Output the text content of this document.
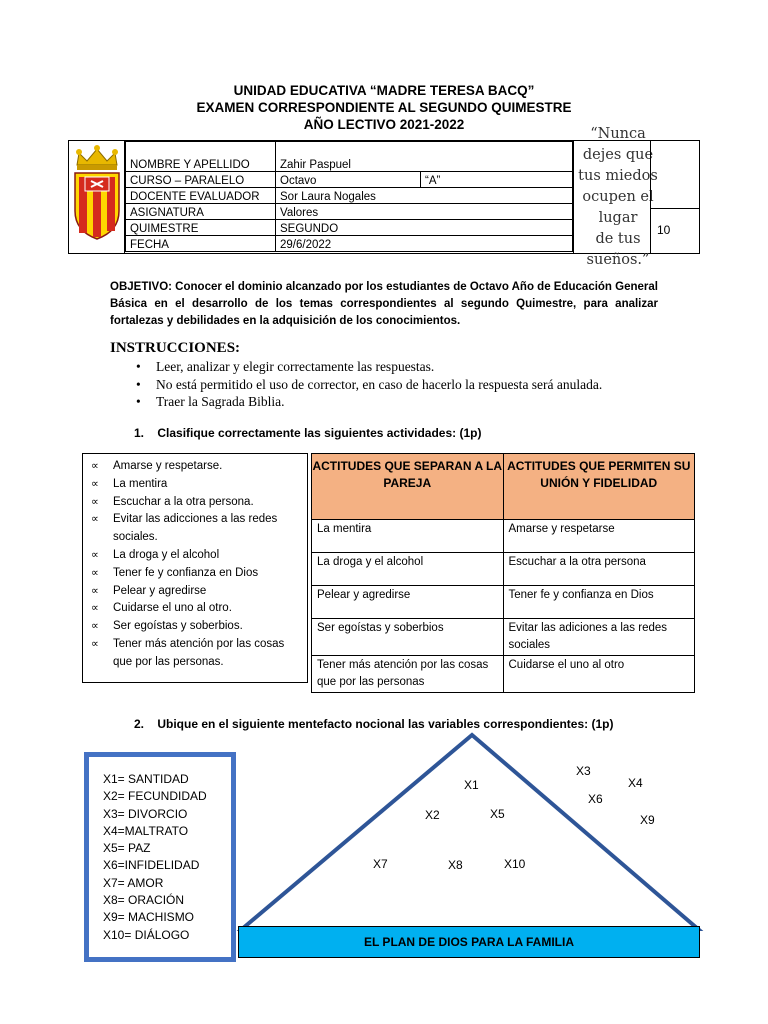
UNIDAD EDUCATIVA “MADRE TERESA BACQ”
EXAMEN CORRESPONDIENTE AL SEGUNDO QUIMESTRE
AÑO LECTIVO 2021-2022
NOMBRE Y APELLIDO	Zahir Paspuel	
CURSO – PARALELO	Octavo	“A”
DOCENTE EVALUADOR	Sor Laura Nogales	
ASIGNATURA	Valores	
QUIMESTRE	SEGUNDO	
FECHA	29/6/2022	
“Nunca dejes que
tus miedos
ocupen el lugar
de tus sueños.”
10
OBJETIVO: Conocer el dominio alcanzado por los estudiantes de Octavo Año de Educación General Básica en el desarrollo de los temas correspondientes al segundo Quimestre, para analizar fortalezas y debilidades en la adquisición de los conocimientos.
INSTRUCCIONES:
• Leer, analizar y elegir correctamente las respuestas.
• No está permitido el uso de corrector, en caso de hacerlo la respuesta será anulada.
• Traer la Sagrada Biblia.
1.    Clasifique correctamente las siguientes actividades: (1p)
∝ Amarse y respetarse.
∝ La mentira
∝ Escuchar a la otra persona.
∝ Evitar las adicciones a las redes sociales.
∝ La droga y el alcohol
∝ Tener fe y confianza en Dios
∝ Pelear y agredirse
∝ Cuidarse el uno al otro.
∝ Ser egoístas y soberbios.
∝ Tener más atención por las cosas que por las personas.
ACTITUDES QUE SEPARAN A LA PAREJA	ACTITUDES QUE PERMITEN SU UNIÓN Y FIDELIDAD
La mentira	Amarse y respetarse
La droga y el alcohol	Escuchar a la otra persona
Pelear y agredirse	Tener fe y confianza en Dios
Ser egoístas y soberbios	Evitar las adiciones a las redes sociales
Tener más atención por las cosas que por las personas	Cuidarse el uno al otro
2.    Ubique en el siguiente mentefacto nocional las variables correspondientes: (1p)
X1= SANTIDAD
X2= FECUNDIDAD
X3= DIVORCIO
X4=MALTRATO
X5= PAZ
X6=INFIDELIDAD
X7= AMOR
X8= ORACIÓN
X9= MACHISMO
X10= DIÁLOGO
X1
X2	X5
X7	X8	X10
X3
X4
X6
X9
EL PLAN DE DIOS PARA LA FAMILIA
